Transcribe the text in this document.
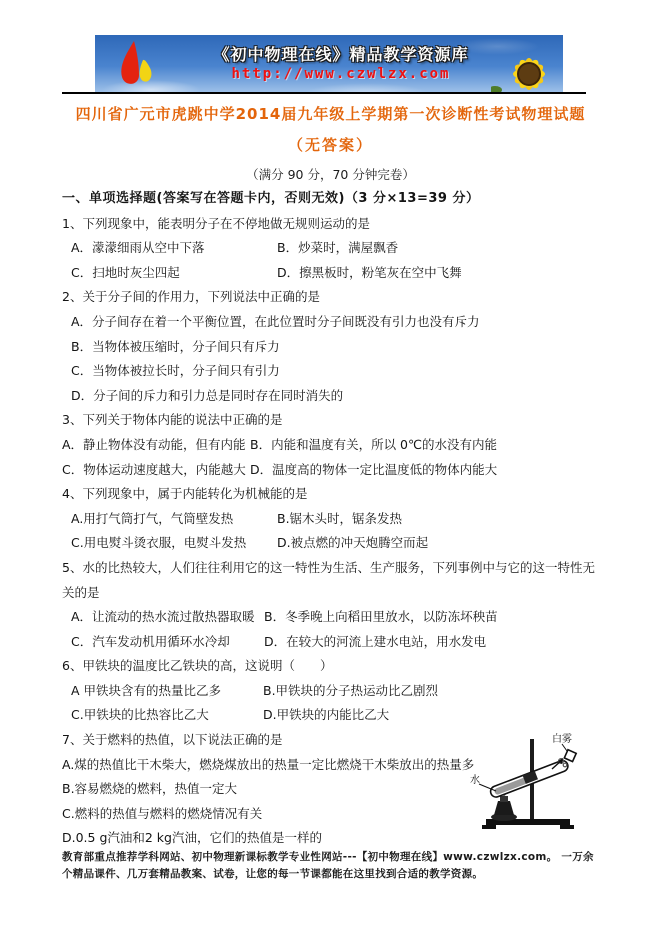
《初中物理在线》精品教学资源库
http://www.czwlzx.com
四川省广元市虎跳中学2014届九年级上学期第一次诊断性考试物理试题
（无答案）
（满分 90 分，70 分钟完卷）
一、单项选择题(答案写在答题卡内，否则无效)（3 分×13=39 分）
1、下列现象中，能表明分子在不停地做无规则运动的是
A．濛濛细雨从空中下落	B．炒菜时，满屋飘香
C．扫地时灰尘四起	D．擦黑板时，粉笔灰在空中飞舞
2、关于分子间的作用力，下列说法中正确的是
A．分子间存在着一个平衡位置，在此位置时分子间既没有引力也没有斥力
B．当物体被压缩时，分子间只有斥力
C．当物体被拉长时，分子间只有引力
D．分子间的斥力和引力总是同时存在同时消失的
3、下列关于物体内能的说法中正确的是
A．静止物体没有动能，但有内能 B．内能和温度有关，所以 0℃的水没有内能
C．物体运动速度越大，内能越大 D．温度高的物体一定比温度低的物体内能大
4、下列现象中，属于内能转化为机械能的是
A.用打气筒打气，气筒壁发热	B.锯木头时，锯条发热
C.用电熨斗烫衣服，电熨斗发热	D.被点燃的冲天炮腾空而起
5、水的比热较大，人们往往利用它的这一特性为生活、生产服务，下列事例中与它的这一特性无关的是
A．让流动的热水流过散热器取暖 B．冬季晚上向稻田里放水，以防冻坏秧苗
C．汽车发动机用循环水冷却	D．在较大的河流上建水电站，用水发电
6、甲铁块的温度比乙铁块的高，这说明（　　）
A 甲铁块含有的热量比乙多	B.甲铁块的分子热运动比乙剧烈
C.甲铁块的比热容比乙大	D.甲铁块的内能比乙大
7、关于燃料的热值，以下说法正确的是
A.煤的热值比干木柴大，燃烧煤放出的热量一定比燃烧干木柴放出的热量多
B.容易燃烧的燃料，热值一定大
C.燃料的热值与燃料的燃烧情况有关
D.0.5 g汽油和2 kg汽油，它们的热值是一样的
水
白雾
教育部重点推荐学科网站、初中物理新课标教学专业性网站---【初中物理在线】www.czwlzx.com。 一万余个精品课件、几万套精品教案、试卷，让您的每一节课都能在这里找到合适的教学资源。
